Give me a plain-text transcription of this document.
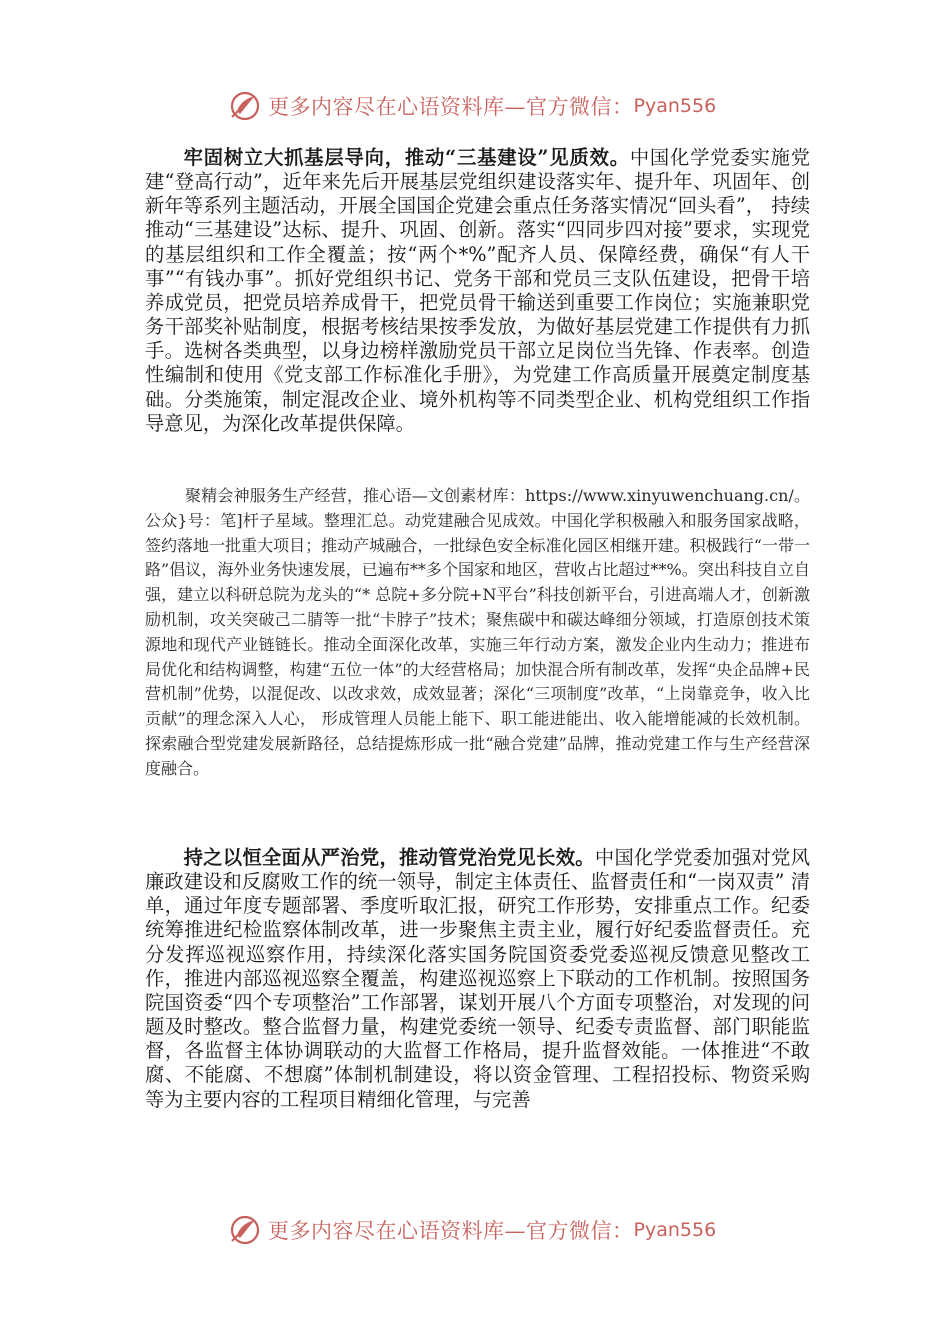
更多内容尽在心语资料库—官方微信： Pyan556

牢固树立大抓基层导向，推动“三基建设”见质效。中国化学党委实施党建“登高行动”，近年来先后开展基层党组织建设落实年、提升年、巩固年、创新年等系列主题活动，开展全国国企党建会重点任务落实情况“回头看”， 持续推动“三基建设”达标、提升、巩固、创新。落实“四同步四对接”要求，实现党的基层组织和工作全覆盖；按“两个*%”配齐人员、保障经费，确保“有人干事”“有钱办事”。抓好党组织书记、党务干部和党员三支队伍建设，把骨干培养成党员，把党员培养成骨干，把党员骨干输送到重要工作岗位；实施兼职党务干部奖补贴制度，根据考核结果按季发放，为做好基层党建工作提供有力抓手。选树各类典型，以身边榜样激励党员干部立足岗位当先锋、作表率。创造性编制和使用《党支部工作标准化手册》，为党建工作高质量开展奠定制度基础。分类施策，制定混改企业、境外机构等不同类型企业、机构党组织工作指导意见，为深化改革提供保障。

聚精会神服务生产经营，推心语—文创素材库：https://www.xinyuwenchuang.cn/。公众}号：笔]杆子星域。整理汇总。动党建融合见成效。中国化学积极融入和服务国家战略，签约落地一批重大项目；推动产城融合，一批绿色安全标准化园区相继开建。积极践行“一带一路”倡议，海外业务快速发展，已遍布**多个国家和地区，营收占比超过**%。突出科技自立自强，建立以科研总院为龙头的“* 总院+多分院+N平台”科技创新平台，引进高端人才，创新激励机制，攻关突破己二腈等一批“卡脖子”技术；聚焦碳中和碳达峰细分领域，打造原创技术策源地和现代产业链链长。推动全面深化改革，实施三年行动方案，激发企业内生动力；推进布局优化和结构调整，构建“五位一体”的大经营格局；加快混合所有制改革，发挥“央企品牌+民营机制”优势，以混促改、以改求效，成效显著；深化“三项制度”改革，“上岗靠竞争，收入比贡献”的理念深入人心， 形成管理人员能上能下、职工能进能出、收入能增能减的长效机制。探索融合型党建发展新路径，总结提炼形成一批“融合党建”品牌，推动党建工作与生产经营深度融合。

持之以恒全面从严治党，推动管党治党见长效。中国化学党委加强对党风廉政建设和反腐败工作的统一领导，制定主体责任、监督责任和“一岗双责” 清单，通过年度专题部署、季度听取汇报，研究工作形势，安排重点工作。纪委统筹推进纪检监察体制改革，进一步聚焦主责主业，履行好纪委监督责任。充分发挥巡视巡察作用，持续深化落实国务院国资委党委巡视反馈意见整改工作，推进内部巡视巡察全覆盖，构建巡视巡察上下联动的工作机制。按照国务院国资委“四个专项整治”工作部署，谋划开展八个方面专项整治，对发现的问题及时整改。整合监督力量，构建党委统一领导、纪委专责监督、部门职能监督，各监督主体协调联动的大监督工作格局，提升监督效能。一体推进“不敢腐、不能腐、不想腐”体制机制建设，将以资金管理、工程招投标、物资采购等为主要内容的工程项目精细化管理，与完善

更多内容尽在心语资料库—官方微信： Pyan556
